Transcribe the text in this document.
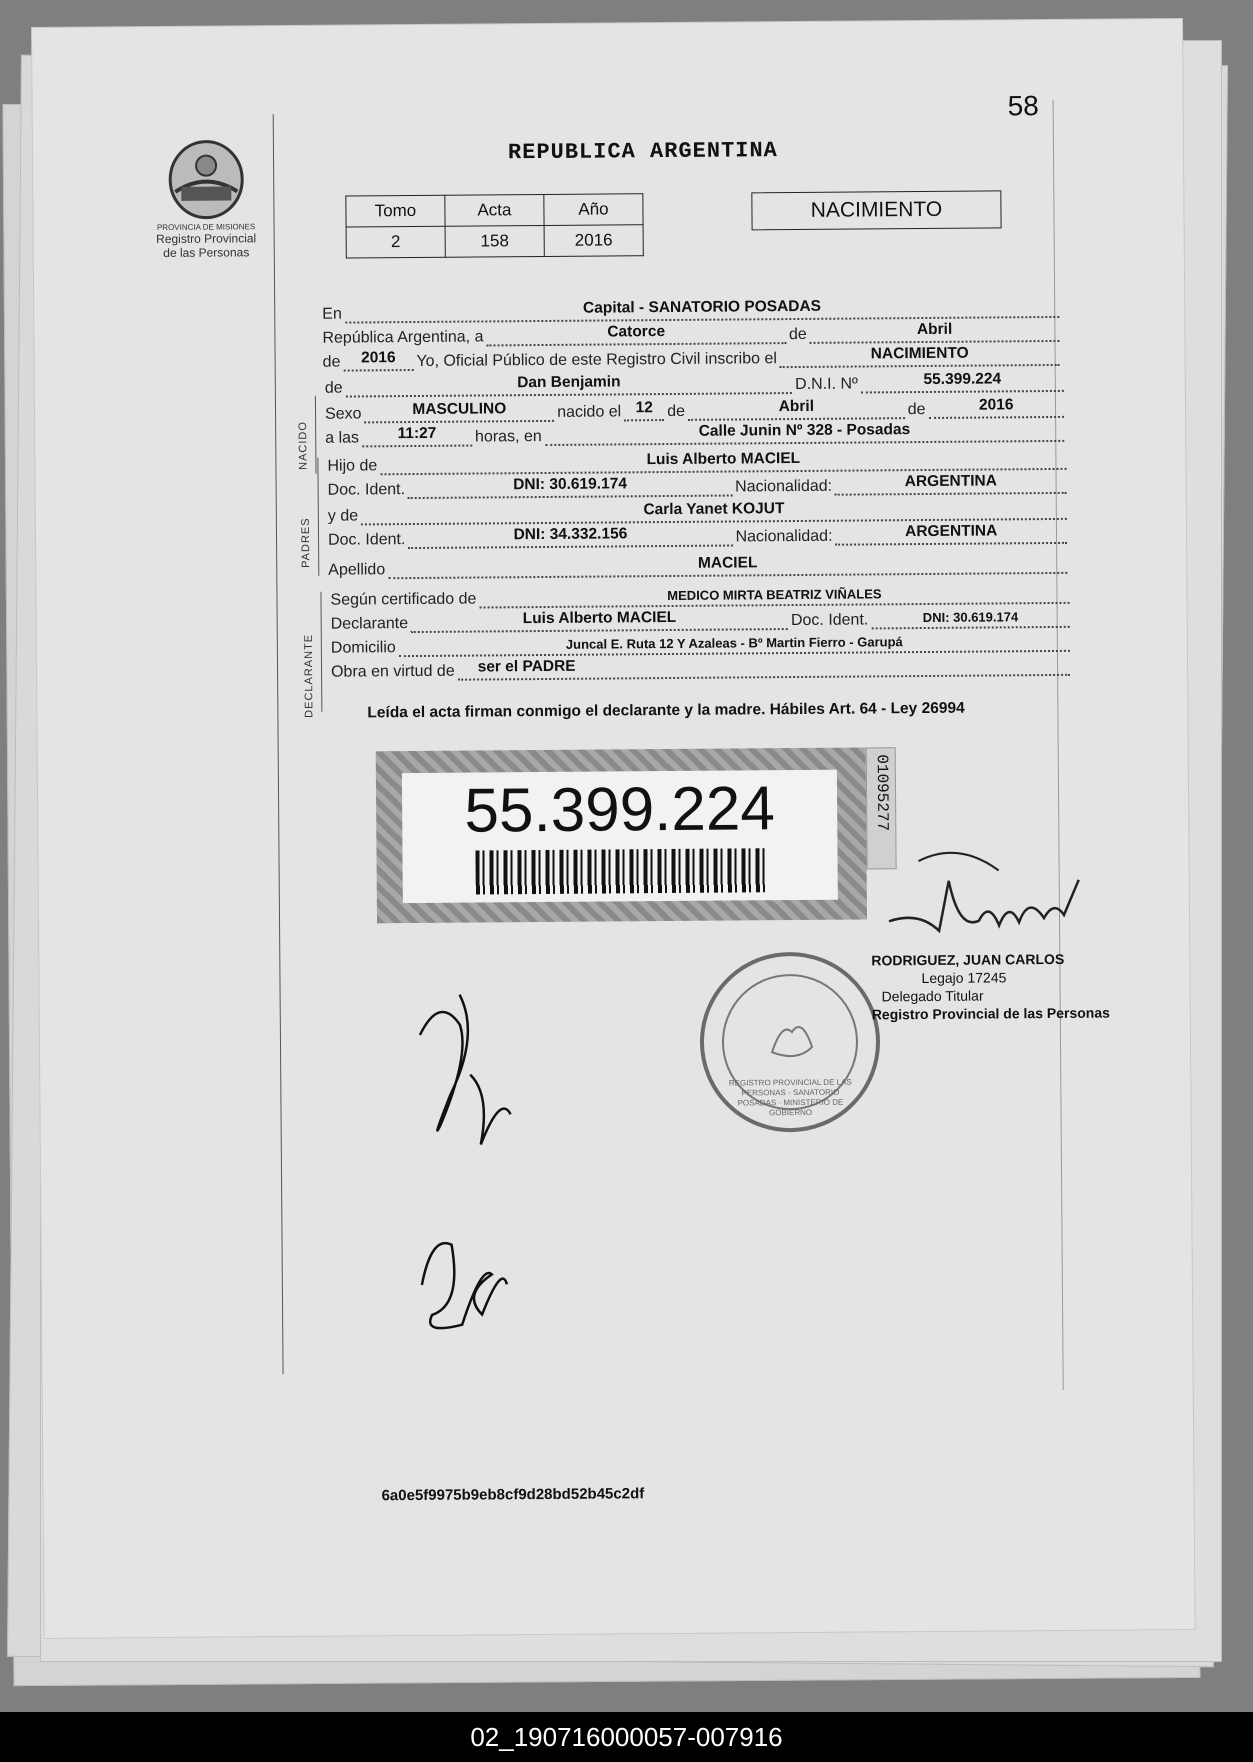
58
PROVINCIA DE MISIONES
Registro Provincial
de las Personas
REPUBLICA ARGENTINA
Tomo	Acta	Año
2	158	2016
NACIMIENTO
En	Capital - SANATORIO POSADAS
República Argentina, a	Catorce	de	Abril
de	2016	Yo, Oficial Público de este Registro Civil inscribo el	NACIMIENTO
NACIDO
de	Dan Benjamin	D.N.I. Nº	55.399.224
Sexo	MASCULINO	nacido el 12 de	Abril	de	2016
a las	11:27	horas, en	Calle Junin Nº 328 - Posadas
PADRES
Hijo de	Luis Alberto MACIEL
Doc. Ident.	DNI: 30.619.174	Nacionalidad:	ARGENTINA
y de	Carla Yanet KOJUT
Doc. Ident.	DNI: 34.332.156	Nacionalidad:	ARGENTINA
Apellido	MACIEL
DECLARANTE
Según certificado de	MEDICO MIRTA BEATRIZ VIÑALES
Declarante	Luis Alberto MACIEL	Doc. Ident.	DNI: 30.619.174
Domicilio	Juncal E. Ruta 12 Y Azaleas - Bº Martin Fierro - Garupá
Obra en virtud de	ser el PADRE
Leída el acta firman conmigo el declarante y la madre. Hábiles Art. 64 - Ley 26994
55.399.224	01095277
REGISTRO PROVINCIAL DE LAS PERSONAS · SANATORIO POSADAS · MINISTERIO DE GOBIERNO
RODRIGUEZ, JUAN CARLOS
Legajo 17245
Delegado Titular
Registro Provincial de las Personas
6a0e5f9975b9eb8cf9d28bd52b45c2df
02_190716000057-007916
